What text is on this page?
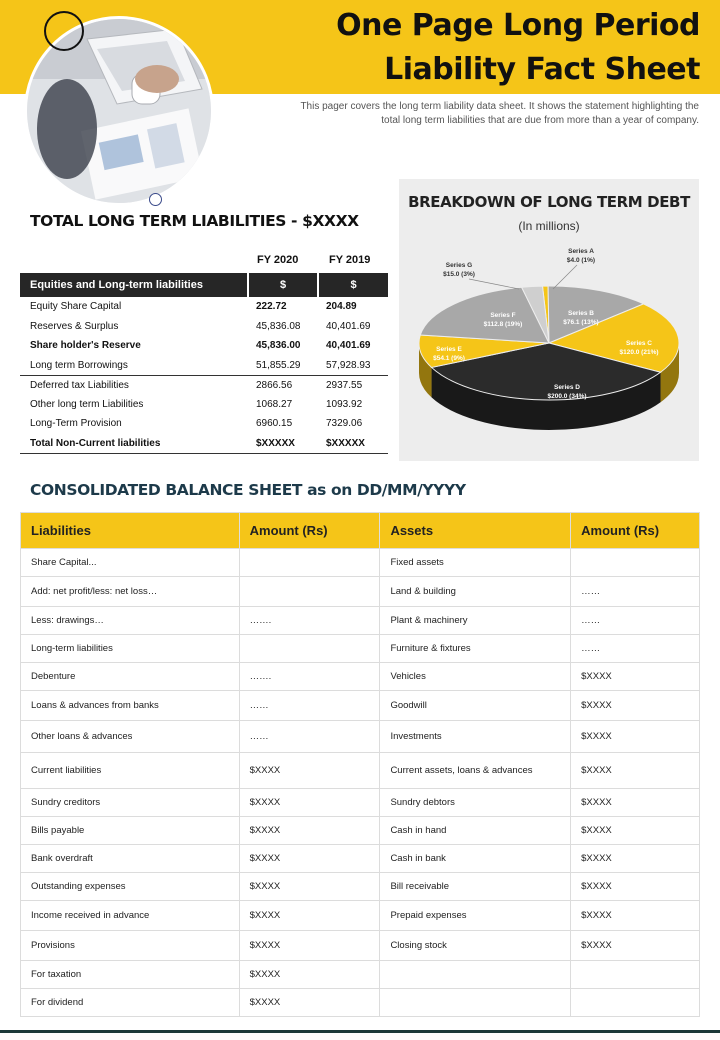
One Page Long Period
Liability Fact Sheet
This pager covers the long term liability data sheet. It shows the statement highlighting the
total long term liabilities that are due from more than a year of company.
TOTAL LONG TERM LIABILITIES - $XXXX
FY 2020	FY 2019
Equities and Long-term liabilities	$	$
Equity Share Capital	222.72	204.89
Reserves & Surplus	45,836.08	40,401.69
Share holder's Reserve	45,836.00	40,401.69
Long term Borrowings	51,855.29	57,928.93
Deferred tax Liabilities	2866.56	2937.55
Other long term Liabilities	1068.27	1093.92
Long-Term Provision	6960.15	7329.06
Total Non-Current liabilities	$XXXXX	$XXXXX
BREAKDOWN OF LONG TERM DEBT
(In millions)
Series A
$4.0 (1%)
Series B
$76.1 (13%)
Series C
$120.0 (21%)
Series D
$200.0 (34%)
Series E
$54.1 (9%)
Series F
$112.8 (19%)
Series G
$15.0 (3%)
CONSOLIDATED BALANCE SHEET as on DD/MM/YYYY
Liabilities	Amount (Rs)	Assets	Amount (Rs)
Share Capital...		Fixed assets	
Add: net profit/less: net loss…		Land & building	……
Less: drawings…	…….	Plant & machinery	……
Long-term liabilities		Furniture & fixtures	……
Debenture	…….	Vehicles	$XXXX
Loans & advances from banks	……	Goodwill	$XXXX
Other loans & advances	……	Investments	$XXXX
Current liabilities	$XXXX	Current assets, loans & advances	$XXXX
Sundry creditors	$XXXX	Sundry debtors	$XXXX
Bills payable	$XXXX	Cash in hand	$XXXX
Bank overdraft	$XXXX	Cash in bank	$XXXX
Outstanding expenses	$XXXX	Bill receivable	$XXXX
Income received in advance	$XXXX	Prepaid expenses	$XXXX
Provisions	$XXXX	Closing stock	$XXXX
For taxation	$XXXX		
For dividend	$XXXX		
